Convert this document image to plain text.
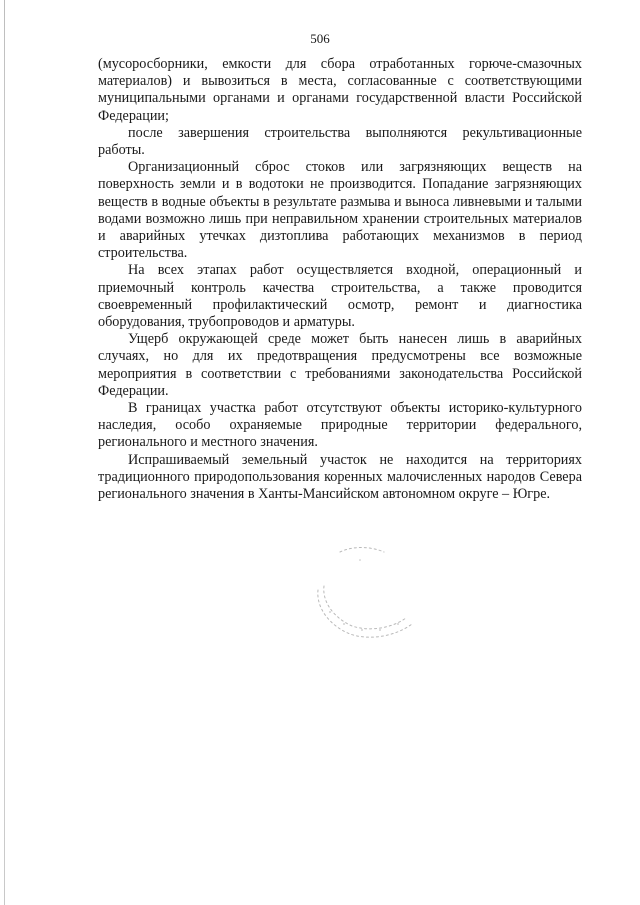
506

(мусоросборники, емкости для сбора отработанных горюче-смазочных материалов) и вывозиться в места, согласованные с соответствующими муниципальными органами и органами государственной власти Российской Федерации;

после завершения строительства выполняются рекультивационные работы.

Организационный сброс стоков или загрязняющих веществ на поверхность земли и в водотоки не производится. Попадание загрязняющих веществ в водные объекты в результате размыва и выноса ливневыми и талыми водами возможно лишь при неправильном хранении строительных материалов и аварийных утечках дизтоплива работающих механизмов в период строительства.

На всех этапах работ осуществляется входной, операционный и приемочный контроль качества строительства, а также проводится своевременный профилактический осмотр, ремонт и диагностика оборудования, трубопроводов и арматуры.

Ущерб окружающей среде может быть нанесен лишь в аварийных случаях, но для их предотвращения предусмотрены все возможные мероприятия в соответствии с требованиями законодательства Российской Федерации.

В границах участка работ отсутствуют объекты историко-культурного наследия, особо охраняемые природные территории федерального, регионального и местного значения.

Испрашиваемый земельный участок не находится на территориях традиционного природопользования коренных малочисленных народов Севера регионального значения в Ханты-Мансийском автономном округе – Югре.
